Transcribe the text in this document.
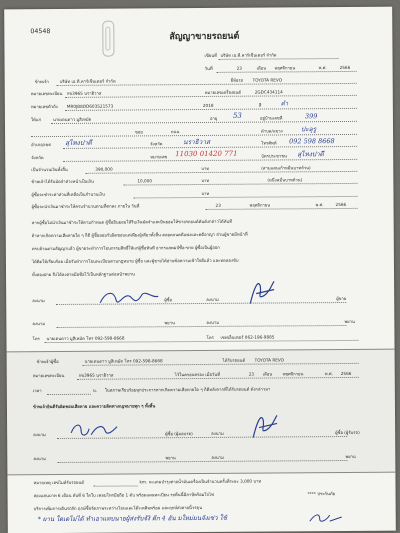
04548
สัญญาขายรถยนต์
เขียนที่ บริษัท เอ.ที.คาร์เซ็นเตอร์ จำกัด
วันที่	23	เดือน พฤศจิกายน	พ.ศ.	2566
ข้าพเจ้า	บริษัท เอ.ที.คาร์เซ็นเตอร์ จำกัด	ยี่ห้อรถ TOYOTA REVO
หมายเลขทะเบียน กข3965 นราธิวาส	หมายเลขเครื่องยนต์	2GDC434114
หมายเลขตัวถัง MR0JB8DD603521573	2018	สี	ดำ
ให้แก่	นายเดนดาว มูสิเหมัด	อายุ 53	อยู่บ้านเลขที่	399
ซอย	ถนน	ตำบล/แขวง	ปะลุรู
อำเภอ/เขต สุไหงปาดี	จังหวัด	นราธิวาส	โทรศัพท์ 092 598 8668
จังหวัด	หมายเลข 11030 01420 771	บัตรประชาชน สุไหงปาดี
เป็นจำนวนเงินทั้งสิ้น	390,000	บาท	(สามแสนเก้าหมื่นบาทถ้วน)
ข้าพเจ้าได้รับมัดจำล่วงหน้าเป็นเงิน	10,000	บาท	(หนึ่งหมื่นบาทถ้วน)
ผู้ซื้อจะชำระค่าส่วนที่เหลือเป็นจำนวนเงิน	บาท
ผู้ซื้อจะนำเงินมาชำระให้ครบจำนวนตามที่ตกลง ภายใน วันที่	23	พฤศจิกายน	พ.ศ.	2566
หากผู้ซื้อไม่นำเงินมาชำระให้ตามกำหนด ผู้ซื้อยินยอมให้ริบเงินมัดจำและยินยอมให้ขายรถยนต์คันดังกล่าวได้ทันที
ถ้าหากเกิดความเสียหายใด ๆ ก็ดี ผู้ซื้อยอมรับผิดชอบแต่เพียงผู้เดียวทั้งสิ้น ตลอดจนคดีแพ่งและคดีอาญา ส่วนผู้ขายมีหน้าที่
ครบถ้วนตามสัญญาแล้ว ผู้ขายจะทำการโอนกรรมสิทธิ์ให้แก่ผู้ซื้อทันที อากรแสตมป์ซื้อ-ขาย ผู้ซื้อเป็นผู้ออก
ได้ติดให้เรียบร้อย เมื่อรับทำการโอนทะเบียนตามกฎหมาย ผู้ซื้อ และผู้ขายได้อ่านข้อความเข้าใจดีแล้ว และทดลองขับ
ทั้งสองฝ่าย จึงได้ลงลายมือชื่อไว้เป็นหลักฐานต่อหน้าพยาน
ลงนาม	ผู้ซื้อ	ลงนาม	ผู้ขาย
ลงนาม	พยาน	ลงนาม	พยาน
โทร นายเดนดาว มูสิเหมัด โทร 092-598-8668	โทร เซฟเอ็นเตอร์ 062-196-9885
ข้าพเจ้าผู้ซื้อ	นายเดนดาว มูสิเหมัด โทร 092-598-8668	ได้รับรถยนต์ TOYOTA REVO
หมายเลขทะเบียน	กข3965 นราธิวาส	ไว้ในครอบครอง เมื่อวันที่	23 เดือน พฤศจิกายน	พ.ศ. 2566
เวลา	น. ในสภาพเรียบร้อยทุกประการหากเกิดความเสียหายใด ๆ ก็ดีหลังจากที่ได้รับรถยนต์ ดังกล่าวมา
ข้าพเจ้ายินดีรับผิดชอบเสียหาย และความผิดทางกฎหมายทุก ๆ ทั้งสิ้น
ลงนาม	ผู้ซื้อ (ผู้มอบรถ)	ลงนาม	ผู้ซื้อ (ผู้รับรถ)
ลงนาม	พยาน	ลงนาม	พยาน
หมายเหตุ เลขไมล์รับรถยนต์	km. จะแถมบำรุงถ่ายน้ำมันเครื่องเป็นจำนวนครั้งที่ระยะ 3,000 บาท
สองแสนบาท 6 เดือน ดับที่ 6 ใดใบ เคลมโทรมือถือ 1 ดับ พร้อมแผนทะเบียน รถตื่นนี้มีภาษีพร้อมใจไฟ	**** ประกันภัย
บริการเพิ่มการเดินรถจัก ฤกษ์ซื้อจัดภาพระหว่างโอนและโต๊ะเคลิมพร้อม และฤกษ์ส่งลายนิ้วรดุน
* ผาน ใดเดไม่ได้ ทำเอาแทบนายผู้ส่งรับจังิ ดีก 4 อัน มใหม่มนจังเซ่ว ใช้
